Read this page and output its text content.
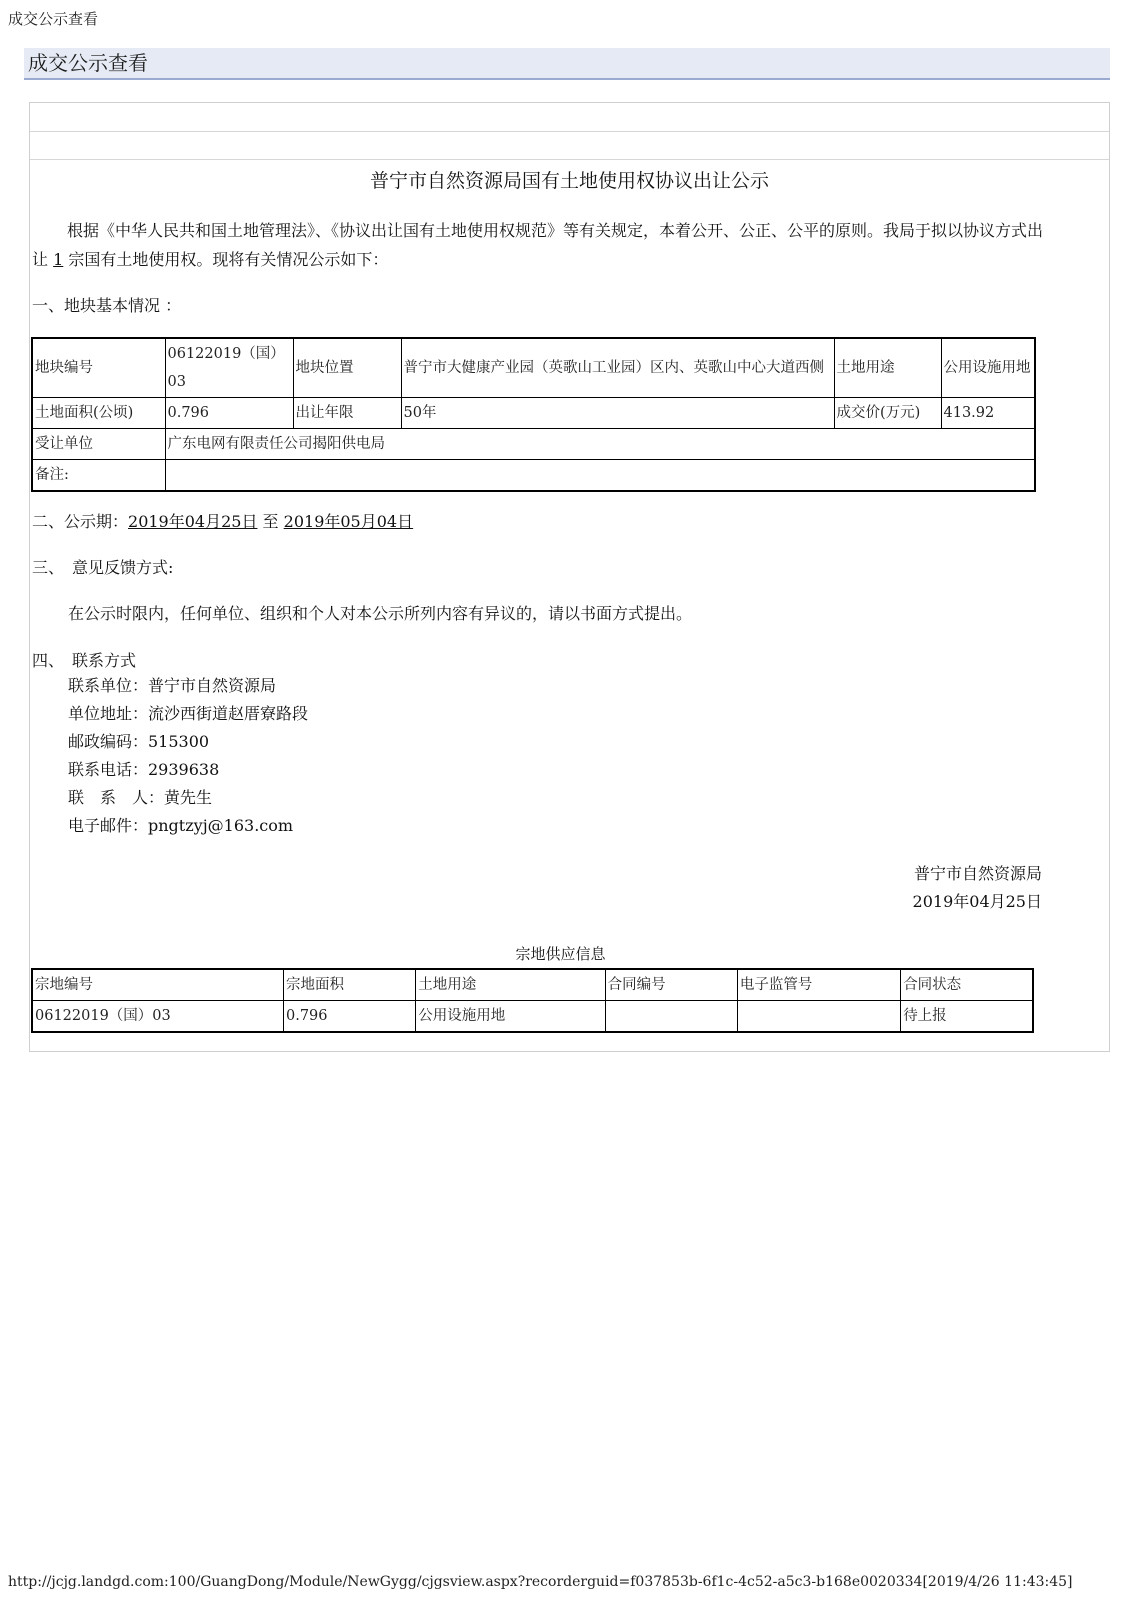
成交公示查看
成交公示查看
普宁市自然资源局国有土地使用权协议出让公示
根据《中华人民共和国土地管理法》、《协议出让国有土地使用权规范》等有关规定，本着公开、公正、公平的原则。我局于拟以协议方式出让 1 宗国有土地使用权。现将有关情况公示如下：
一、地块基本情况 ：
地块编号	06122019（国）03	地块位置	普宁市大健康产业园（英歌山工业园）区内、英歌山中心大道西侧	土地用途	公用设施用地
土地面积(公顷)	0.796	出让年限	50年	成交价(万元)	413.92
受让单位	广东电网有限责任公司揭阳供电局				
备注:					
二、公示期：2019年04月25日 至 2019年05月04日
三、　意见反馈方式:
在公示时限内，任何单位、组织和个人对本公示所列内容有异议的，请以书面方式提出。
四、　联系方式
联系单位：普宁市自然资源局
单位地址：流沙西街道赵厝寮路段
邮政编码：515300
联系电话：2939638
联　系　人：黄先生
电子邮件：pngtzyj@163.com
普宁市自然资源局
2019年04月25日
宗地供应信息
宗地编号	宗地面积	土地用途	合同编号	电子监管号	合同状态
06122019（国）03	0.796	公用设施用地			待上报
http://jcjg.landgd.com:100/GuangDong/Module/NewGygg/cjgsview.aspx?recorderguid=f037853b-6f1c-4c52-a5c3-b168e0020334[2019/4/26 11:43:45]
